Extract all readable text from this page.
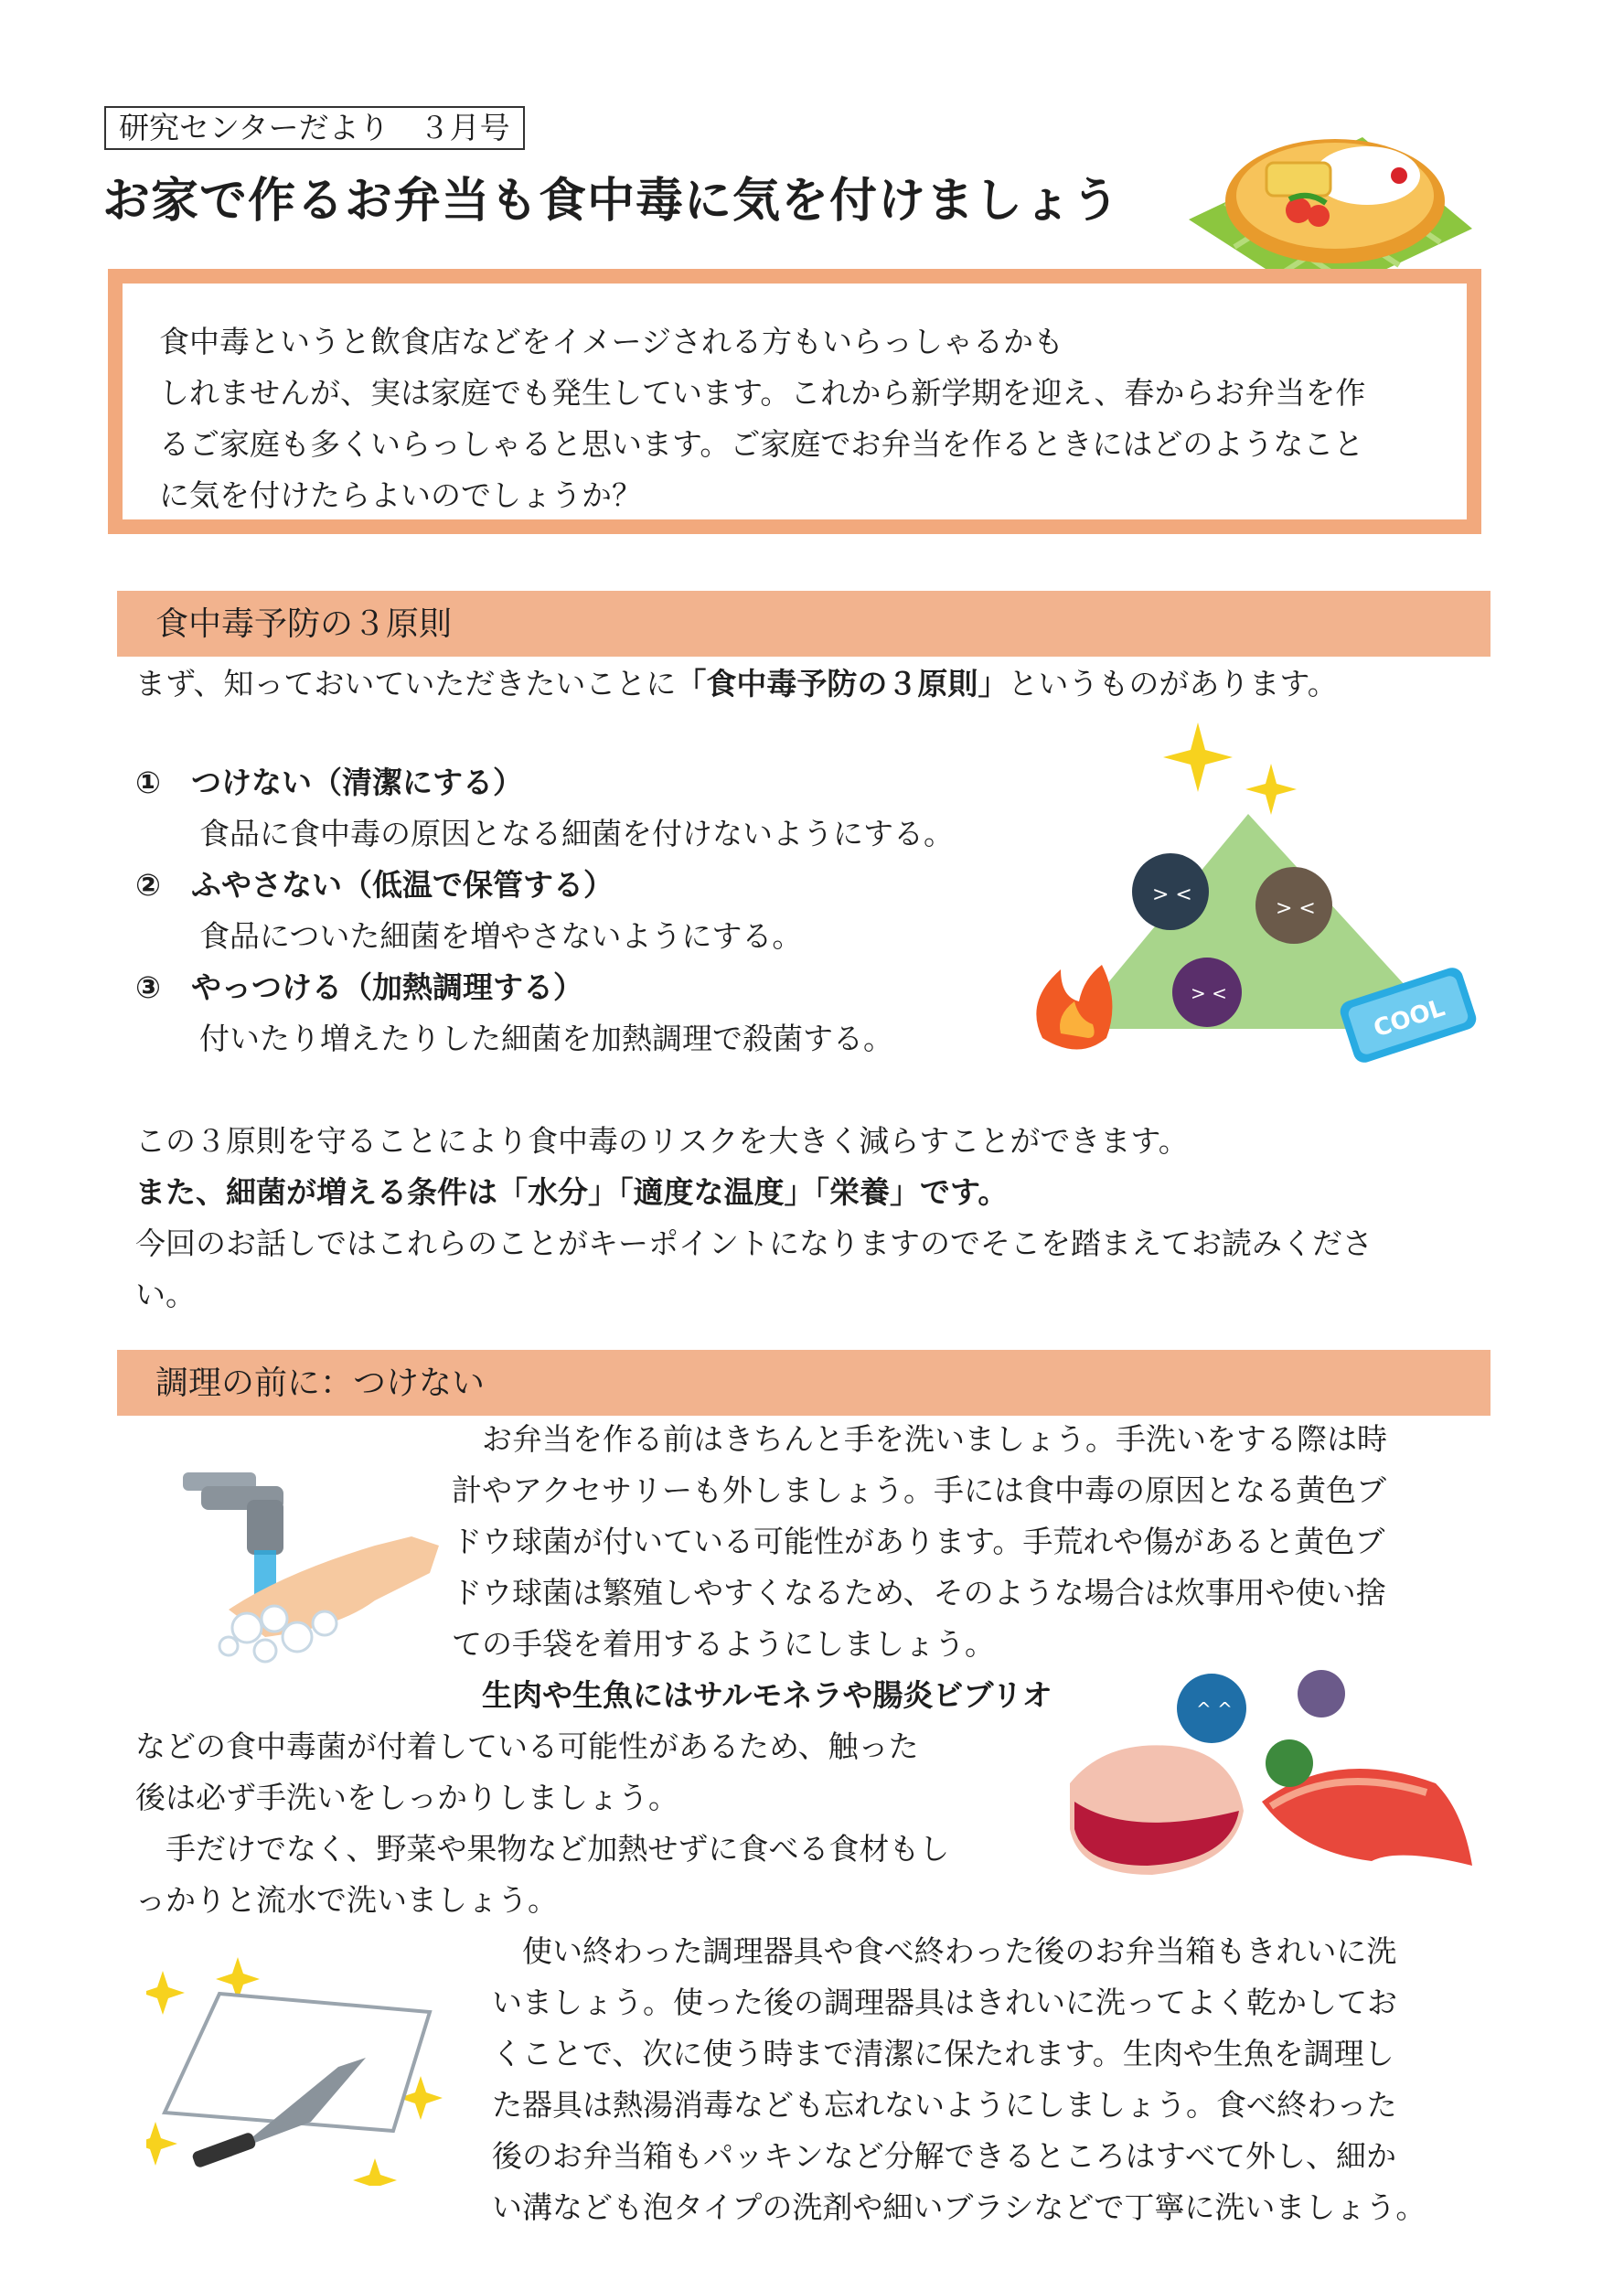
研究センターだより　３月号
お家で作るお弁当も食中毒に気を付けましょう

食中毒というと飲食店などをイメージされる方もいらっしゃるかも

しれませんが、実は家庭でも発生しています。これから新学期を迎え、春からお弁当を作

るご家庭も多くいらっしゃると思います。ご家庭でお弁当を作るときにはどのようなこと

に気を付けたらよいのでしょうか？

食中毒予防の３原則
まず、知っておいていただきたいことに「食中毒予防の３原則」というものがあります。
①　つけない（清潔にする）
食品に食中毒の原因となる細菌を付けないようにする。
②　ふやさない（低温で保管する）
食品についた細菌を増やさないようにする。
③　やっつける（加熱調理する）
付いたり増えたりした細菌を加熱調理で殺菌する。
> <
> <
> <
COOL
この３原則を守ることにより食中毒のリスクを大きく減らすことができます。
また、細菌が増える条件は「水分」「適度な温度」「栄養」です。
今回のお話しではこれらのことがキーポイントになりますのでそこを踏まえてお読みくださ
い。
調理の前に：つけない
　お弁当を作る前はきちんと手を洗いましょう。手洗いをする際は時
計やアクセサリーも外しましょう。手には食中毒の原因となる黄色ブ
ドウ球菌が付いている可能性があります。手荒れや傷があると黄色ブ
ドウ球菌は繁殖しやすくなるため、そのような場合は炊事用や使い捨
ての手袋を着用するようにしましょう。
　生肉や生魚にはサルモネラや腸炎ビブリオ
などの食中毒菌が付着している可能性があるため、触った
後は必ず手洗いをしっかりしましょう。
　手だけでなく、野菜や果物など加熱せずに食べる食材もし
っかりと流水で洗いましょう。
^ ^
　使い終わった調理器具や食べ終わった後のお弁当箱もきれいに洗
いましょう。使った後の調理器具はきれいに洗ってよく乾かしてお
くことで、次に使う時まで清潔に保たれます。生肉や生魚を調理し
た器具は熱湯消毒なども忘れないようにしましょう。食べ終わった
後のお弁当箱もパッキンなど分解できるところはすべて外し、細か
い溝なども泡タイプの洗剤や細いブラシなどで丁寧に洗いましょう。
